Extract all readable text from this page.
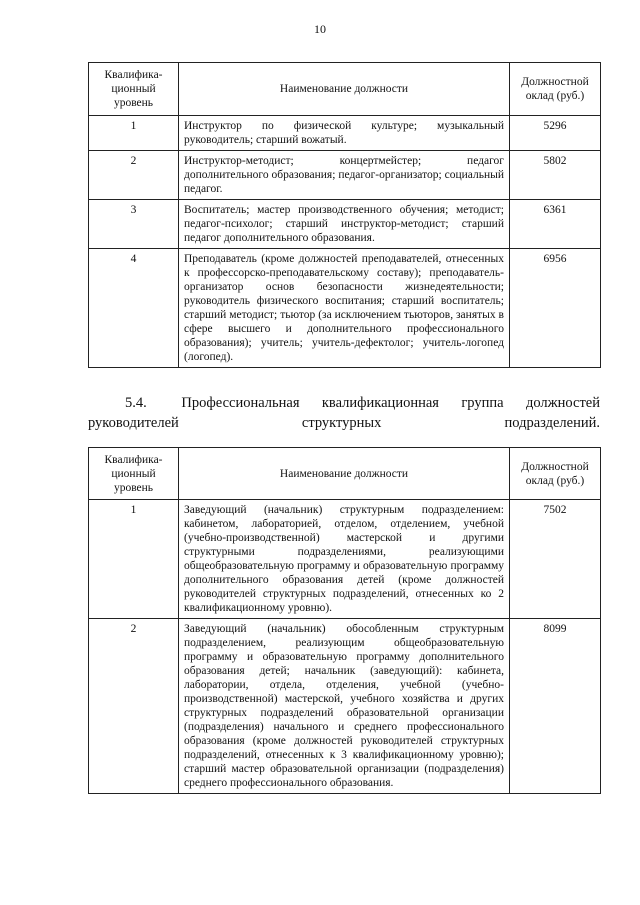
10
Квалифика-ционный уровень	Наименование должности	Должностной оклад (руб.)
1	Инструктор по физической культуре; музыкальный руководитель; старший вожатый.	5296
2	Инструктор-методист; концертмейстер; педагог дополнительного образования; педагог-организатор; социальный педагог.	5802
3	Воспитатель; мастер производственного обучения; методист; педагог-психолог; старший инструктор-методист; старший педагог дополнительного образования.	6361
4	Преподаватель (кроме должностей преподавателей, отнесенных к профессорско-преподавательскому составу); преподаватель-организатор основ безопасности жизнедеятельности; руководитель физического воспитания; старший воспитатель; старший методист; тьютор (за исключением тьюторов, занятых в сфере высшего и дополнительного профессионального образования); учитель; учитель-дефектолог; учитель-логопед (логопед).	6956
5.4. Профессиональная квалификационная группа должностей руководителей структурных подразделений.
Квалифика-ционный уровень	Наименование должности	Должностной оклад (руб.)
1	Заведующий (начальник) структурным подразделением: кабинетом, лабораторией, отделом, отделением, учебной (учебно-производственной) мастерской и другими структурными подразделениями, реализующими общеобразовательную программу и образовательную программу дополнительного образования детей (кроме должностей руководителей структурных подразделений, отнесенных ко 2 квалификационному уровню).	7502
2	Заведующий (начальник) обособленным структурным подразделением, реализующим общеобразовательную программу и образовательную программу дополнительного образования детей; начальник (заведующий): кабинета, лаборатории, отдела, отделения, учебной (учебно-производственной) мастерской, учебного хозяйства и других структурных подразделений образовательной организации (подразделения) начального и среднего профессионального образования (кроме должностей руководителей структурных подразделений, отнесенных к 3 квалификационному уровню); старший мастер образовательной организации (подразделения) среднего профессионального образования.	8099
